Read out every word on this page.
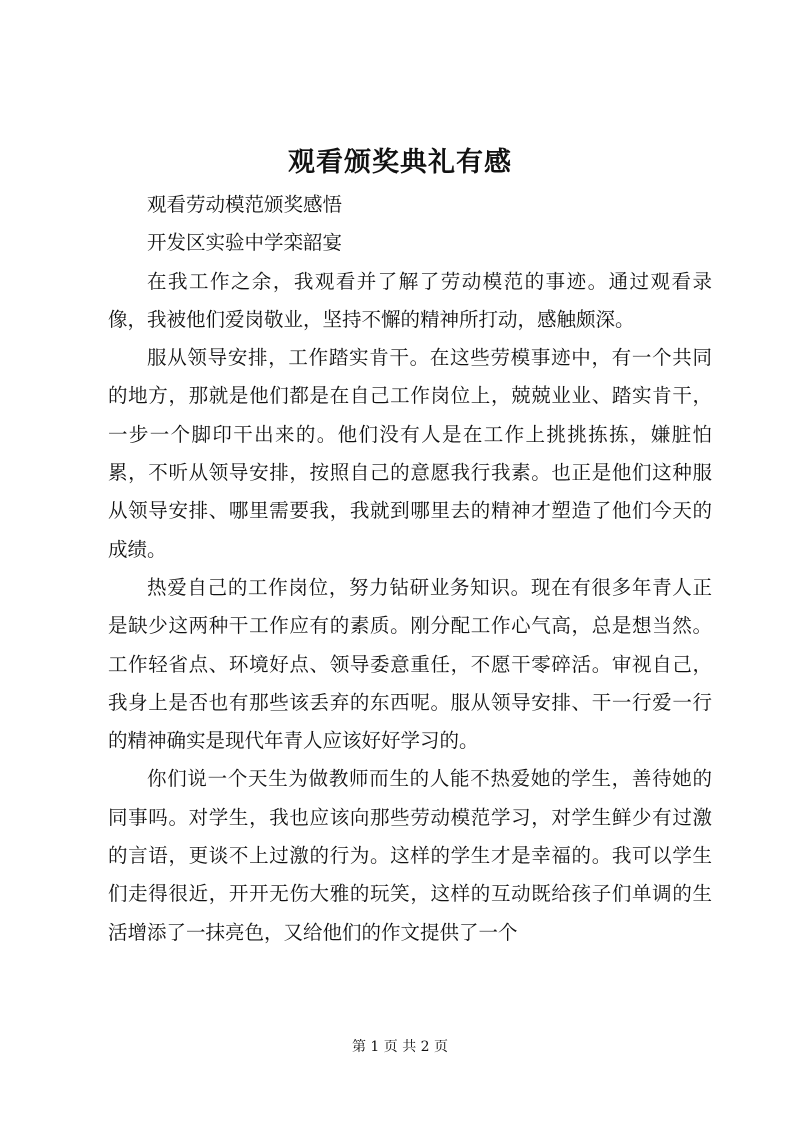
观看颁奖典礼有感

观看劳动模范颁奖感悟

开发区实验中学栾韶宴

在我工作之余，我观看并了解了劳动模范的事迹。通过观看录像，我被他们爱岗敬业，坚持不懈的精神所打动，感触颇深。

服从领导安排，工作踏实肯干。在这些劳模事迹中，有一个共同的地方，那就是他们都是在自己工作岗位上，兢兢业业、踏实肯干，一步一个脚印干出来的。他们没有人是在工作上挑挑拣拣，嫌脏怕累，不听从领导安排，按照自己的意愿我行我素。也正是他们这种服从领导安排、哪里需要我，我就到哪里去的精神才塑造了他们今天的成绩。

热爱自己的工作岗位，努力钻研业务知识。现在有很多年青人正是缺少这两种干工作应有的素质。刚分配工作心气高，总是想当然。工作轻省点、环境好点、领导委意重任，不愿干零碎活。审视自己，我身上是否也有那些该丢弃的东西呢。服从领导安排、干一行爱一行的精神确实是现代年青人应该好好学习的。

你们说一个天生为做教师而生的人能不热爱她的学生，善待她的同事吗。对学生，我也应该向那些劳动模范学习，对学生鲜少有过激的言语，更谈不上过激的行为。这样的学生才是幸福的。我可以学生们走得很近，开开无伤大雅的玩笑，这样的互动既给孩子们单调的生活增添了一抹亮色，又给他们的作文提供了一个

第 1 页 共 2 页
